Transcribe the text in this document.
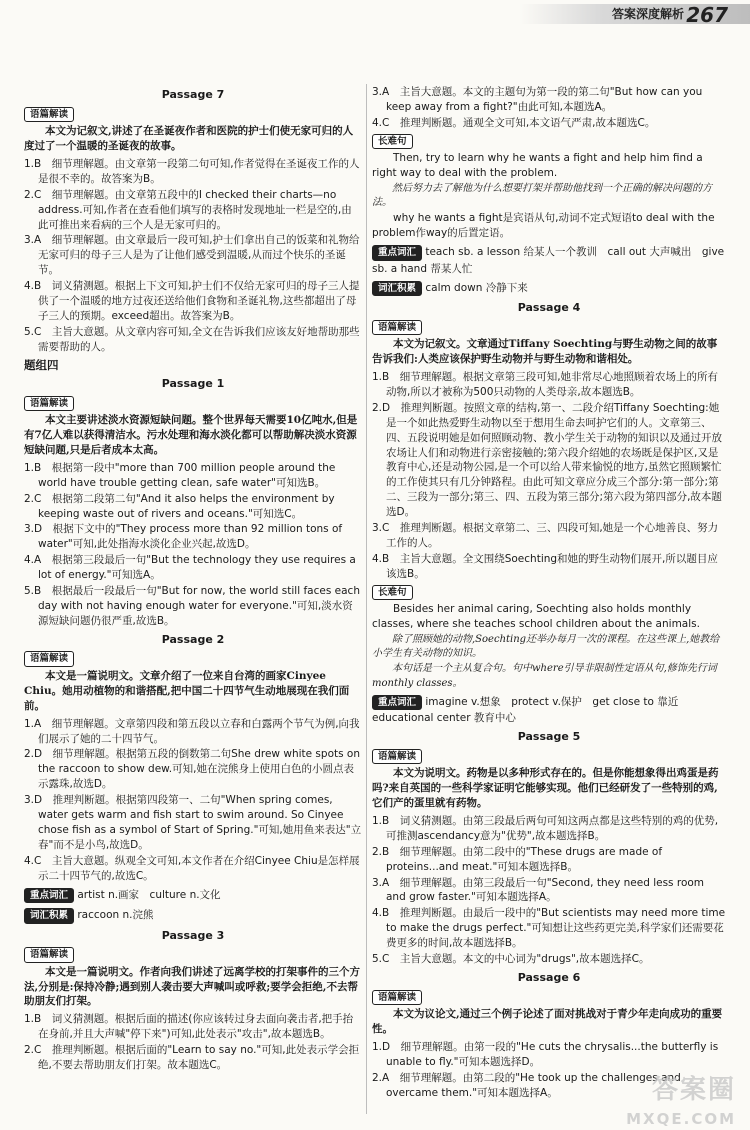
答案深度解析 267
Passage 7
语篇解读
本文为记叙文,讲述了在圣诞夜作者和医院的护士们使无家可归的人度过了一个温暖的圣诞夜的故事。
1.B　细节理解题。由文章第一段第二句可知,作者觉得在圣诞夜工作的人是很不幸的。故答案为B。
2.C　细节理解题。由文章第五段中的I checked their charts—no address.可知,作者在查看他们填写的表格时发现地址一栏是空的,由此可推出来看病的三个人是无家可归的。
3.A　细节理解题。由文章最后一段可知,护士们拿出自己的饭菜和礼物给无家可归的母子三人是为了让他们感受到温暖,从而过个快乐的圣诞节。
4.B　词义猜测题。根据上下文可知,护士们不仅给无家可归的母子三人提供了一个温暖的地方过夜还送给他们食物和圣诞礼物,这些都超出了母子三人的预期。exceed超出。故答案为B。
5.C　主旨大意题。从文章内容可知,全文在告诉我们应该友好地帮助那些需要帮助的人。
题组四
Passage 1
语篇解读
本文主要讲述淡水资源短缺问题。整个世界每天需要10亿吨水,但是有7亿人难以获得清洁水。污水处理和海水淡化都可以帮助解决淡水资源短缺问题,只是后者成本太高。
1.B　根据第一段中"more than 700 million people around the world have trouble getting clean, safe water"可知选B。
2.C　根据第二段第二句"And it also helps the environment by keeping waste out of rivers and oceans."可知选C。
3.D　根据下文中的"They process more than 92 million tons of water"可知,此处指海水淡化企业兴起,故选D。
4.A　根据第三段最后一句"But the technology they use requires a lot of energy."可知选A。
5.B　根据最后一段最后一句"But for now, the world still faces each day with not having enough water for everyone."可知,淡水资源短缺问题仍很严重,故选B。
Passage 2
语篇解读
本文是一篇说明文。文章介绍了一位来自台湾的画家Cinyee Chiu。她用动植物的和谐搭配,把中国二十四节气生动地展现在我们面前。
1.A　细节理解题。文章第四段和第五段以立春和白露两个节气为例,向我们展示了她的二十四节气。
2.D　细节理解题。根据第五段的倒数第二句She drew white spots on the raccoon to show dew.可知,她在浣熊身上使用白色的小圆点表示露珠,故选D。
3.D　推理判断题。根据第四段第一、二句"When spring comes, water gets warm and fish start to swim around. So Cinyee chose fish as a symbol of Start of Spring."可知,她用鱼来表达"立春"而不是小鸟,故选D。
4.C　主旨大意题。纵观全文可知,本文作者在介绍Cinyee Chiu是怎样展示二十四节气的,故选C。
重点词汇 artist n.画家　culture n.文化
词汇积累 raccoon n.浣熊
Passage 3
语篇解读
本文是一篇说明文。作者向我们讲述了远离学校的打架事件的三个方法,分别是:保持冷静;遇到别人袭击要大声喊叫或呼救;要学会拒绝,不去帮助朋友们打架。
1.B　词义猜测题。根据后面的描述(你应该转过身去面向袭击者,把手抬在身前,并且大声喊"停下来")可知,此处表示"攻击",故本题选B。
2.C　推理判断题。根据后面的"Learn to say no."可知,此处表示学会拒绝,不要去帮助朋友们打架。故本题选C。
3.A　主旨大意题。本文的主题句为第一段的第二句"But how can you keep away from a fight?"由此可知,本题选A。
4.C　推理判断题。通观全文可知,本文语气严肃,故本题选C。
长难句
Then, try to learn why he wants a fight and help him find a right way to deal with the problem.
然后努力去了解他为什么想要打架并帮助他找到一个正确的解决问题的方法。
why he wants a fight是宾语从句,动词不定式短语to deal with the problem作way的后置定语。
重点词汇 teach sb. a lesson 给某人一个教训　call out 大声喊出　give sb. a hand 帮某人忙
词汇积累 calm down 冷静下来
Passage 4
语篇解读
本文为记叙文。文章通过Tiffany Soechting与野生动物之间的故事告诉我们:人类应该保护野生动物并与野生动物和谐相处。
1.B　细节理解题。根据文章第三段可知,她非常尽心地照顾着农场上的所有动物,所以才被称为500只动物的人类母亲,故本题选B。
2.D　推理判断题。按照文章的结构,第一、二段介绍Tiffany Soechting:她是一个如此热爱野生动物以至于想用生命去呵护它们的人。文章第三、四、五段说明她是如何照顾动物、教小学生关于动物的知识以及通过开放农场让人们和动物进行亲密接触的;第六段介绍她的农场既是保护区,又是教育中心,还是动物公园,是一个可以给人带来愉悦的地方,虽然它照顾繁忙的工作使其只有几分钟路程。由此可知文章应分成三个部分:第一部分;第二、三段为一部分;第三、四、五段为第三部分;第六段为第四部分,故本题选D。
3.C　推理判断题。根据文章第二、三、四段可知,她是一个心地善良、努力工作的人。
4.B　主旨大意题。全文围绕Soechting和她的野生动物们展开,所以题目应该选B。
长难句
Besides her animal caring, Soechting also holds monthly classes, where she teaches school children about the animals.
除了照顾她的动物,Soechting还举办每月一次的课程。在这些课上,她教给小学生有关动物的知识。
本句话是一个主从复合句。句中where引导非限制性定语从句,修饰先行词monthly classes。
重点词汇 imagine v.想象　protect v.保护　get close to 靠近　educational center 教育中心
Passage 5
语篇解读
本文为说明文。药物是以多种形式存在的。但是你能想象得出鸡蛋是药吗?来自英国的一些科学家证明它能够实现。他们已经研发了一些特别的鸡,它们产的蛋里就有药物。
1.B　词义猜测题。由第三段最后两句可知这两点都是这些特别的鸡的优势,可推测ascendancy意为"优势",故本题选择B。
2.B　细节理解题。由第二段中的"These drugs are made of proteins...and meat."可知本题选择B。
3.A　细节理解题。由第三段最后一句"Second, they need less room and grow faster."可知本题选择A。
4.B　推理判断题。由最后一段中的"But scientists may need more time to make the drugs perfect."可知想让这些药更完美,科学家们还需要花费更多的时间,故本题选择B。
5.C　主旨大意题。本文的中心词为"drugs",故本题选择C。
Passage 6
语篇解读
本文为议论文,通过三个例子论述了面对挑战对于青少年走向成功的重要性。
1.D　细节理解题。由第一段的"He cuts the chrysalis...the butterfly is unable to fly."可知本题选择D。
2.A　细节理解题。由第二段的"He took up the challenges and overcame them."可知本题选择A。	答案圈
MXQE.COM
